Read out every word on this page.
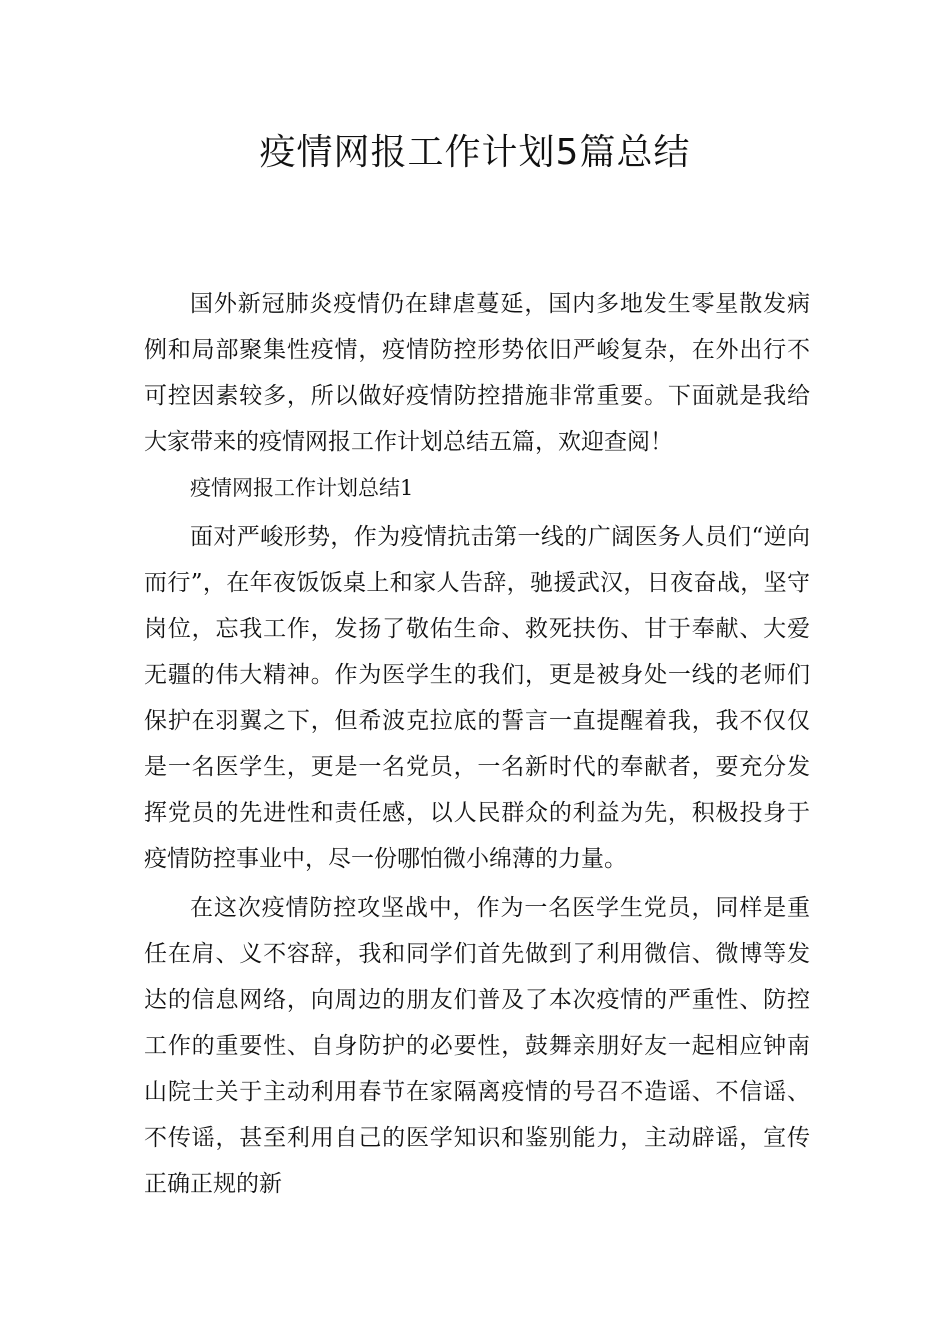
疫情网报工作计划5篇总结

国外新冠肺炎疫情仍在肆虐蔓延，国内多地发生零星散发病例和局部聚集性疫情，疫情防控形势依旧严峻复杂，在外出行不可控因素较多，所以做好疫情防控措施非常重要。下面就是我给大家带来的疫情网报工作计划总结五篇，欢迎查阅！

疫情网报工作计划总结1

面对严峻形势，作为疫情抗击第一线的广阔医务人员们“逆向而行”，在年夜饭饭桌上和家人告辞，驰援武汉，日夜奋战，坚守岗位，忘我工作，发扬了敬佑生命、救死扶伤、甘于奉献、大爱无疆的伟大精神。作为医学生的我们，更是被身处一线的老师们保护在羽翼之下，但希波克拉底的誓言一直提醒着我，我不仅仅是一名医学生，更是一名党员，一名新时代的奉献者，要充分发挥党员的先进性和责任感，以人民群众的利益为先，积极投身于疫情防控事业中，尽一份哪怕微小绵薄的力量。

在这次疫情防控攻坚战中，作为一名医学生党员，同样是重任在肩、义不容辞，我和同学们首先做到了利用微信、微博等发达的信息网络，向周边的朋友们普及了本次疫情的严重性、防控工作的重要性、自身防护的必要性，鼓舞亲朋好友一起相应钟南山院士关于主动利用春节在家隔离疫情的号召不造谣、不信谣、不传谣，甚至利用自己的医学知识和鉴别能力，主动辟谣，宣传正确正规的新
